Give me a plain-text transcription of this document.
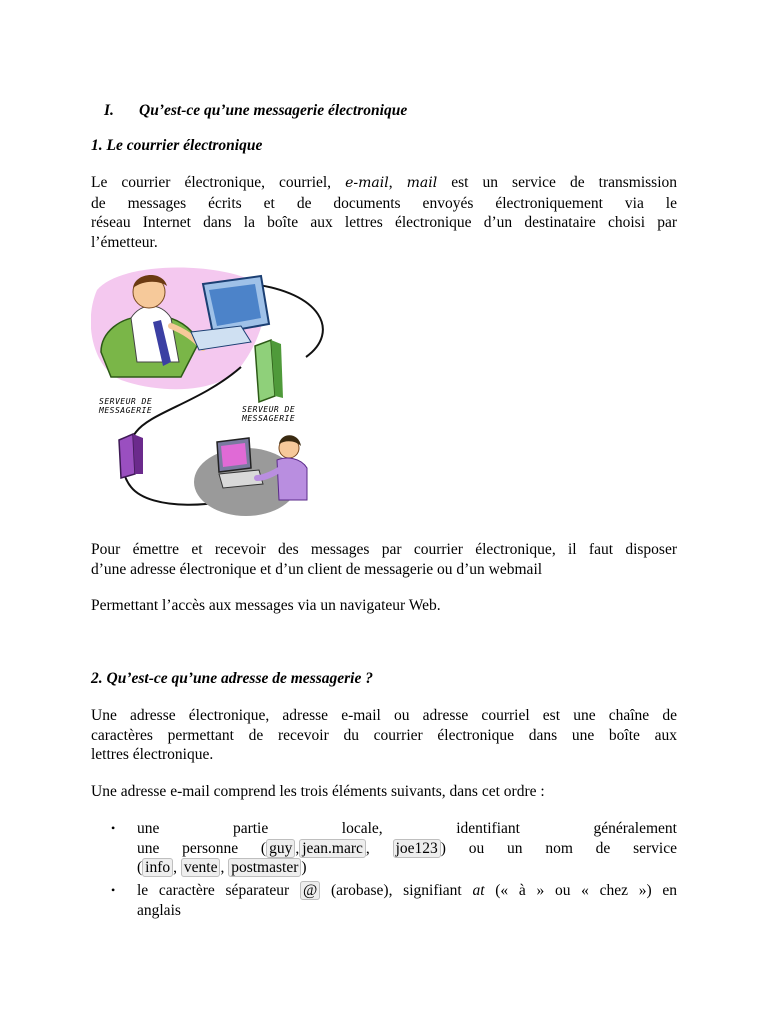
I. Qu’est-ce qu’une messagerie électronique
1. Le courrier électronique
Le courrier électronique, courriel, e-mail, mail est un service de transmission
de messages écrits et de documents envoyés électroniquement via le
réseau Internet dans la boîte aux lettres électronique d’un destinataire choisi par
l’émetteur.
SERVEUR DE
MESSAGERIE	SERVEUR DE
MESSAGERIE
Pour émettre et recevoir des messages par courrier électronique, il faut disposer
d’une adresse électronique et d’un client de messagerie ou d’un webmail
Permettant l’accès aux messages via un navigateur Web.
2. Qu’est-ce qu’une adresse de messagerie ?
Une adresse électronique, adresse e-mail ou adresse courriel est une chaîne de
caractères permettant de recevoir du courrier électronique dans une boîte aux
lettres électronique.
Une adresse e-mail comprend les trois éléments suivants, dans cet ordre :
• une partie locale, identifiant généralement
une personne ( guy , jean.marc , joe123 ) ou un nom de service
( info , vente , postmaster )
• le caractère séparateur @ (arobase), signifiant at (« à » ou « chez ») en
anglais
